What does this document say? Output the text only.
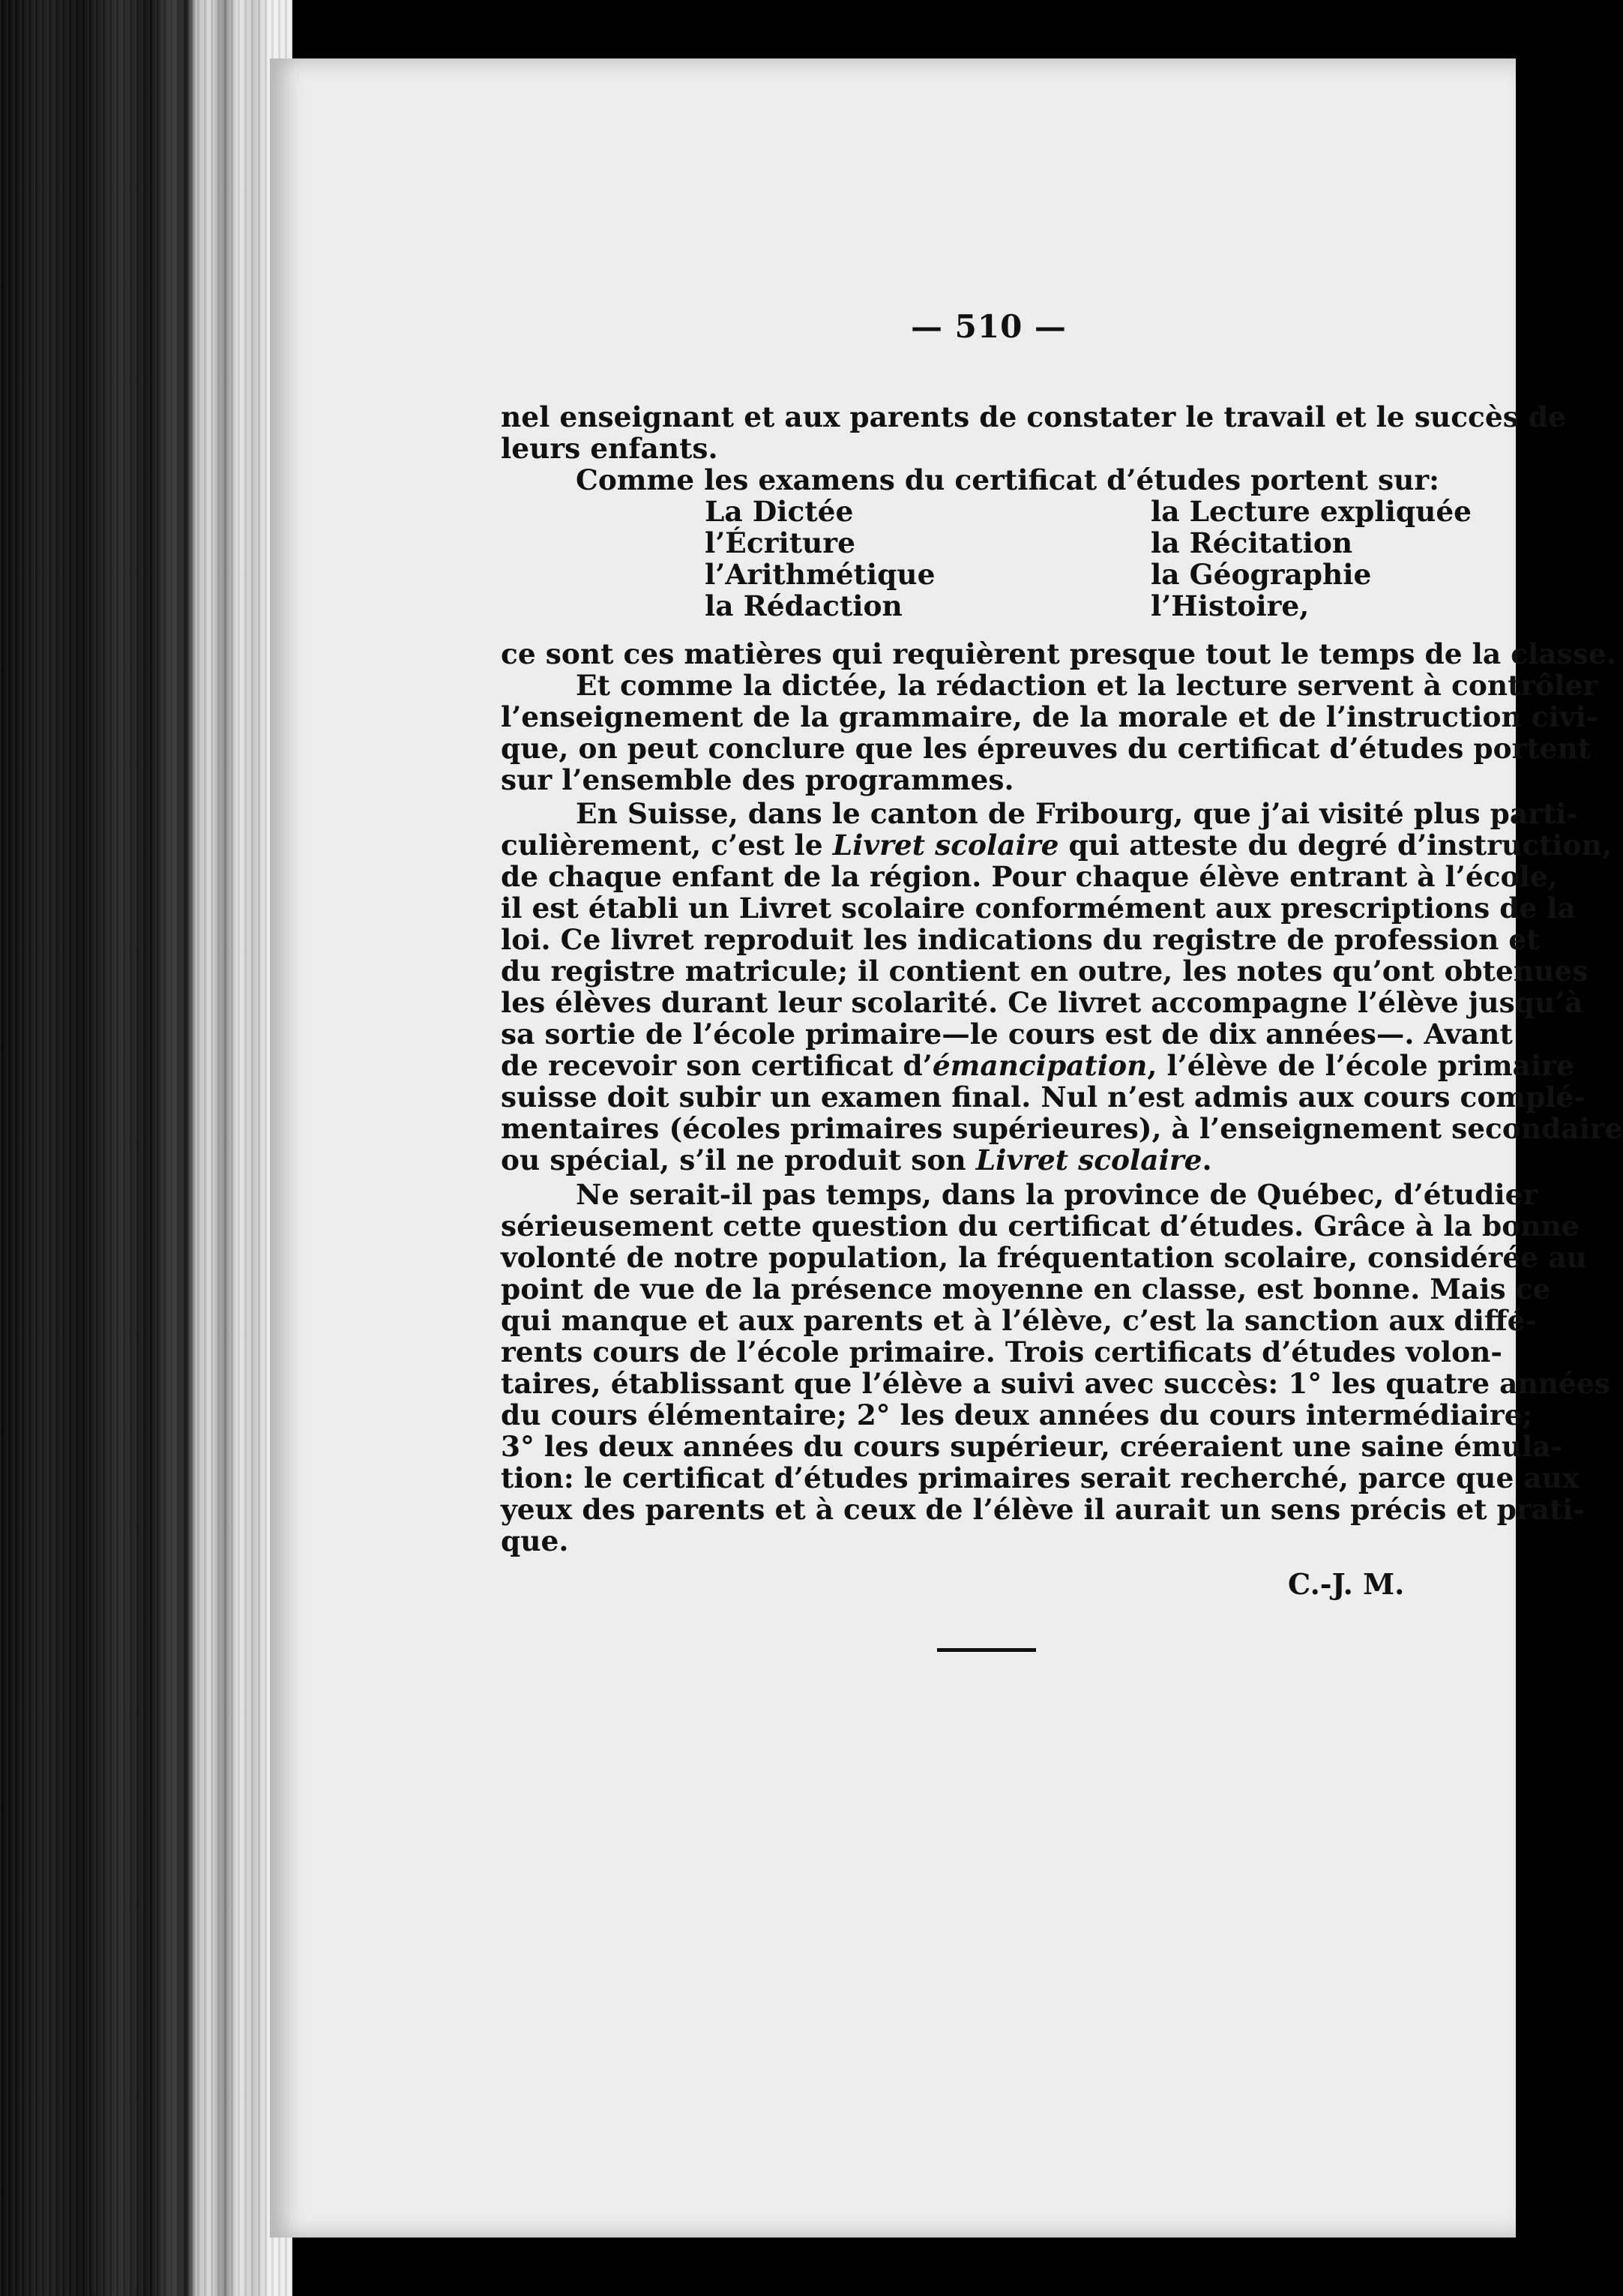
— 510 —
nel enseignant et aux parents de constater le travail et le succès de
leurs enfants.
Comme les examens du certificat d’études portent sur:
La Dictée
l’Écriture
l’Arithmétique
la Rédaction
la Lecture expliquée
la Récitation
la Géographie
l’Histoire,
ce sont ces matières qui requièrent presque tout le temps de la classe.
Et comme la dictée, la rédaction et la lecture servent à contrôler
l’enseignement de la grammaire, de la morale et de l’instruction civi-
que, on peut conclure que les épreuves du certificat d’études portent
sur l’ensemble des programmes.
En Suisse, dans le canton de Fribourg, que j’ai visité plus parti-
culièrement, c’est le Livret scolaire qui atteste du degré d’instruction,
de chaque enfant de la région. Pour chaque élève entrant à l’école,
il est établi un Livret scolaire conformément aux prescriptions de la
loi. Ce livret reproduit les indications du registre de profession et
du registre matricule; il contient en outre, les notes qu’ont obtenues
les élèves durant leur scolarité. Ce livret accompagne l’élève jusqu’à
sa sortie de l’école primaire—le cours est de dix années—. Avant
de recevoir son certificat d’émancipation, l’élève de l’école primaire
suisse doit subir un examen final. Nul n’est admis aux cours complé-
mentaires (écoles primaires supérieures), à l’enseignement secondaire
ou spécial, s’il ne produit son Livret scolaire.
Ne serait-il pas temps, dans la province de Québec, d’étudier
sérieusement cette question du certificat d’études. Grâce à la bonne
volonté de notre population, la fréquentation scolaire, considérée au
point de vue de la présence moyenne en classe, est bonne. Mais ce
qui manque et aux parents et à l’élève, c’est la sanction aux diffé-
rents cours de l’école primaire. Trois certificats d’études volon-
taires, établissant que l’élève a suivi avec succès: 1° les quatre années
du cours élémentaire; 2° les deux années du cours intermédiaire;
3° les deux années du cours supérieur, créeraient une saine émula-
tion: le certificat d’études primaires serait recherché, parce que aux
yeux des parents et à ceux de l’élève il aurait un sens précis et prati-
que.
C.-J. M.
